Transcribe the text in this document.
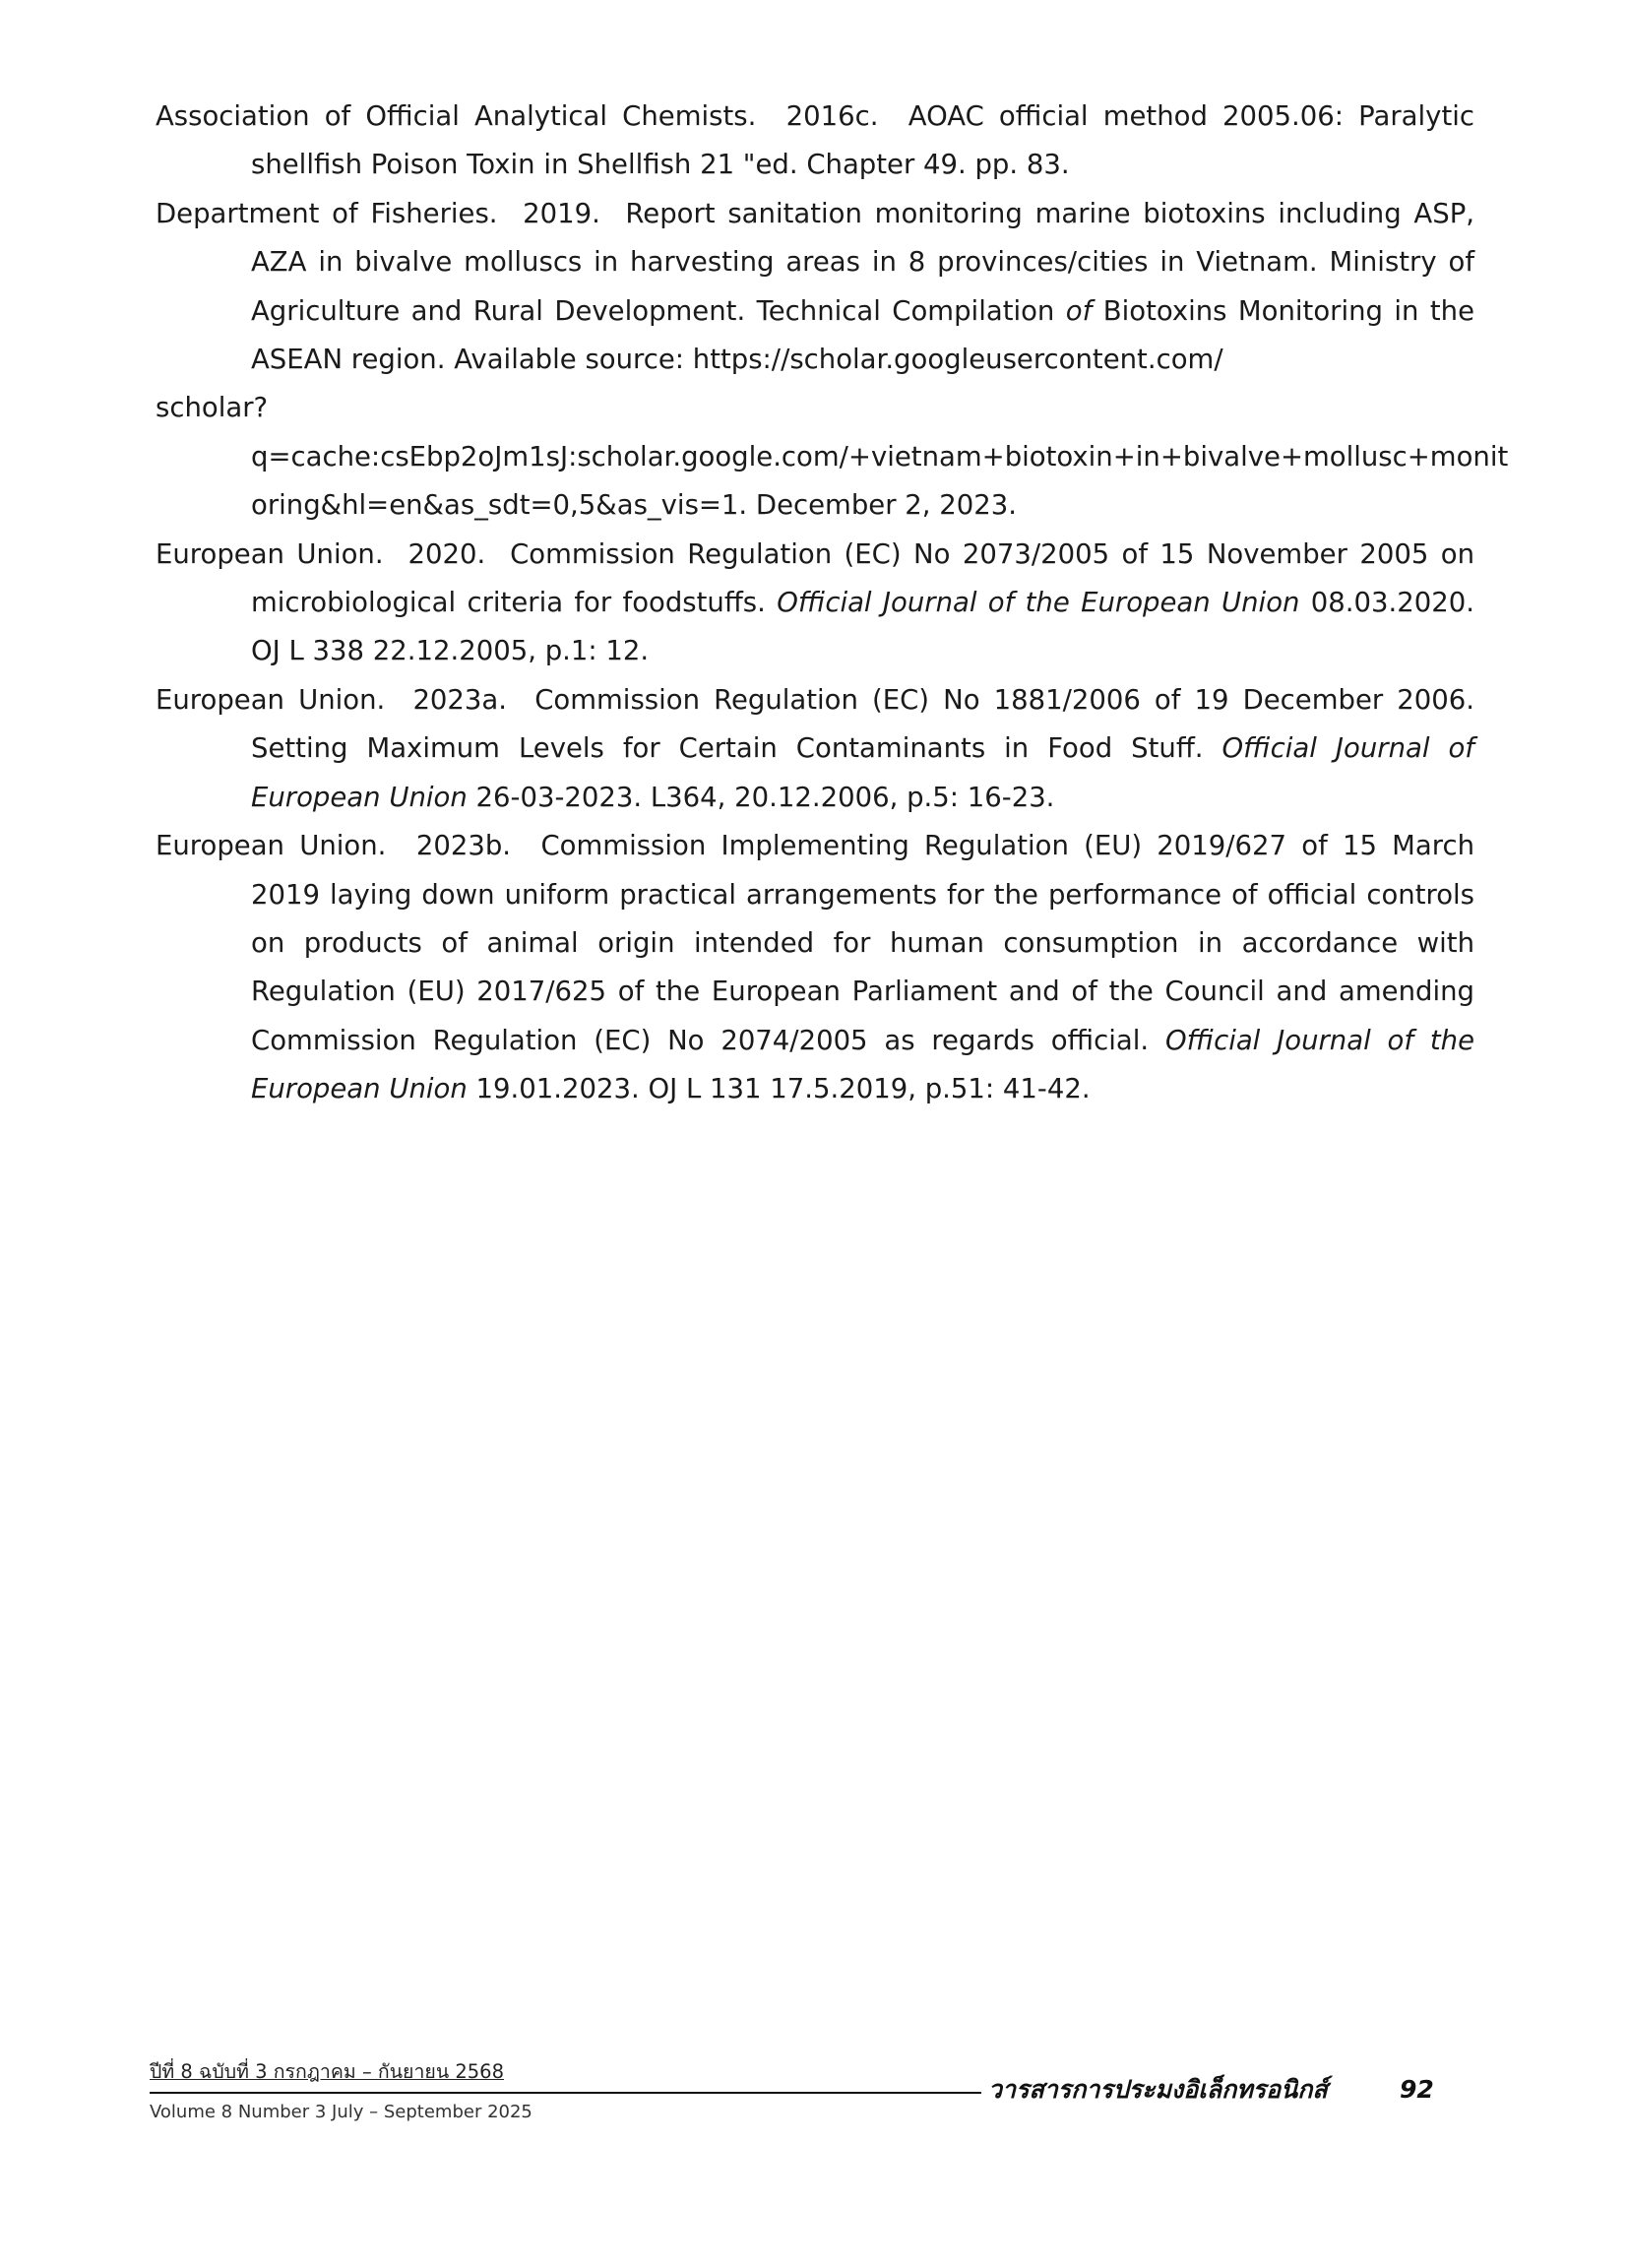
Association of Official Analytical Chemists. 2016c. AOAC official method 2005.06: Paralytic shellfish Poison Toxin in Shellfish 21 "ed. Chapter 49. pp. 83.

Department of Fisheries. 2019. Report sanitation monitoring marine biotoxins including ASP, AZA in bivalve molluscs in harvesting areas in 8 provinces/cities in Vietnam. Ministry of Agriculture and Rural Development. Technical Compilation of Biotoxins Monitoring in the ASEAN region. Available source: https://scholar.googleusercontent.com/
scholar?q=cache:csEbp2oJm1sJ:scholar.google.com/+vietnam+biotoxin+in+bivalve+mollusc+monit
oring&hl=en&as_sdt=0,5&as_vis=1. December 2, 2023.

European Union. 2020. Commission Regulation (EC) No 2073/2005 of 15 November 2005 on microbiological criteria for foodstuffs. Official Journal of the European Union 08.03.2020. OJ L 338 22.12.2005, p.1: 12.

European Union. 2023a. Commission Regulation (EC) No 1881/2006 of 19 December 2006. Setting Maximum Levels for Certain Contaminants in Food Stuff. Official Journal of European Union 26-03-2023. L364, 20.12.2006, p.5: 16-23.

European Union. 2023b. Commission Implementing Regulation (EU) 2019/627 of 15 March 2019 laying down uniform practical arrangements for the performance of official controls on products of animal origin intended for human consumption in accordance with Regulation (EU) 2017/625 of the European Parliament and of the Council and amending Commission Regulation (EC) No 2074/2005 as regards official. Official Journal of the European Union 19.01.2023. OJ L 131 17.5.2019, p.51: 41-42.

ปีที่ 8 ฉบับที่ 3 กรกฎาคม – กันยายน 2568
Volume 8 Number 3 July – September 2025
วารสารการประมงอิเล็กทรอนิกส์	92
